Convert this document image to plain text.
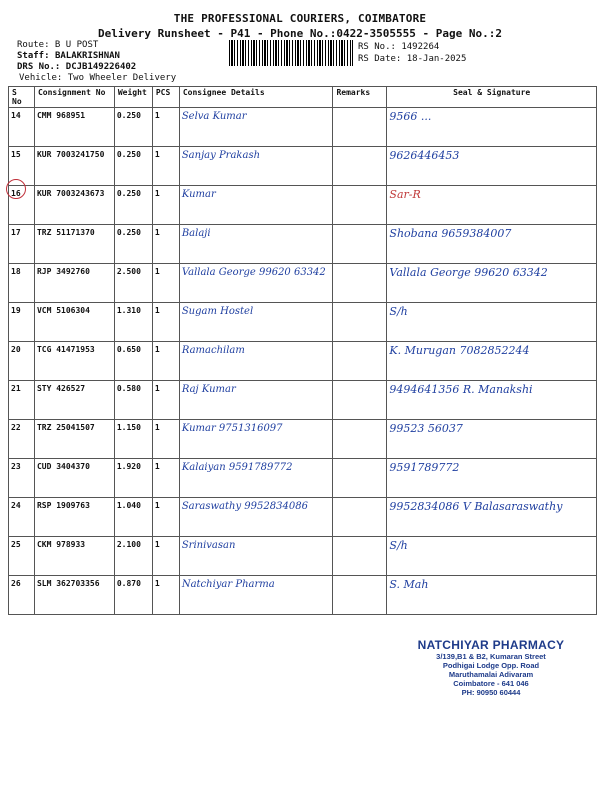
THE PROFESSIONAL COURIERS, COIMBATORE
Delivery Runsheet - P41 - Phone No.:0422-3505555 - Page No.:2
Route: B U POST
Staff: BALAKRISHNAN
DRS No.: DCJB149226402
Vehicle: Two Wheeler Delivery
RS No.: 1492264
RS Date: 18-Jan-2025
S No	Consignment No	Weight	PCS	Consignee Details	Remarks	Seal & Signature
14	CMM 968951	0.250	1	Selva Kumar		9566 ...
15	KUR 7003241750	0.250	1	Sanjay Prakash		9626446453
16	KUR 7003243673	0.250	1	Kumar		Sar-R
17	TRZ 51171370	0.250	1	Balaji		Shobana 9659384007
18	RJP 3492760	2.500	1	Vallala George 99620 63342		Vallala George 99620 63342
19	VCM 5106304	1.310	1	Sugam Hostel		S/h
20	TCG 41471953	0.650	1	Ramachilam		K. Murugan 7082852244
21	STY 426527	0.580	1	Raj Kumar		9494641356 R. Manakshi
22	TRZ 25041507	1.150	1	Kumar 9751316097		99523 56037
23	CUD 3404370	1.920	1	Kalaiyan 9591789772		9591789772
24	RSP 1909763	1.040	1	Saraswathy 9952834086		9952834086 V Balasaraswathy
25	CKM 978933	2.100	1	Srinivasan		S/h
26	SLM 362703356	0.870	1	Natchiyar Pharma		S. Mah
NATCHIYAR PHARMACY
3/139,B1 & B2, Kumaran Street
Podhigai Lodge Opp. Road
Maruthamalai Adivaram
Coimbatore - 641 046
PH: 90950 60444
